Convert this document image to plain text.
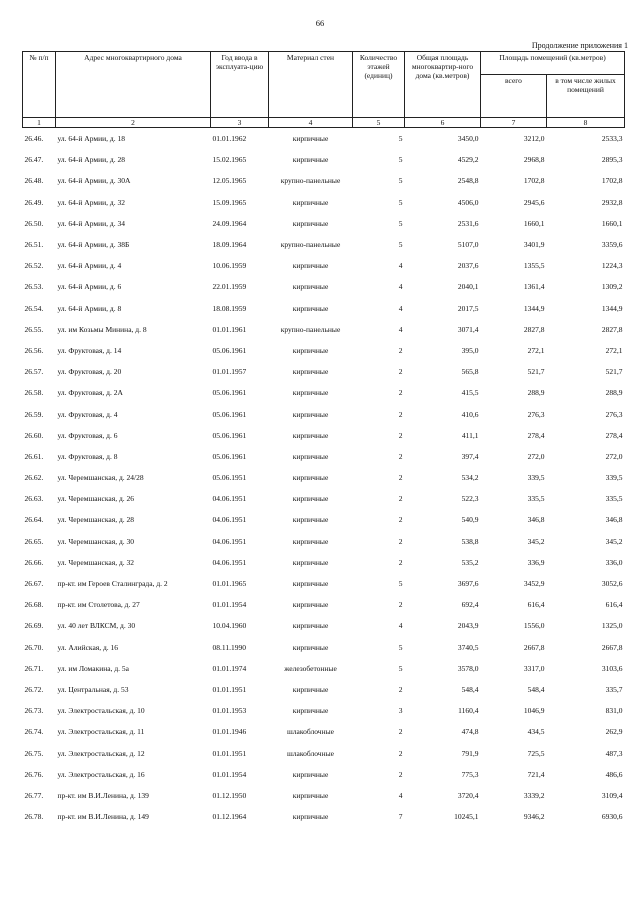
66
Продолжение приложения 1
№ п/п	Адрес многоквартирного дома	Год ввода в эксплуата-цию	Материал стен	Количество этажей (единиц)	Общая площадь многоквартир-ного дома (кв.метров)	Площадь помещений (кв.метров)	
						всего	в том числе жилых помещений
1	2	3	4	5	6	7	8
26.46.	ул. 64-й Армии, д. 18	01.01.1962	кирпичные	5	3450,0	3212,0	2533,3
26.47.	ул. 64-й Армии, д. 28	15.02.1965	кирпичные	5	4529,2	2968,8	2895,3
26.48.	ул. 64-й Армии, д. 30А	12.05.1965	крупно-панельные	5	2548,8	1702,8	1702,8
26.49.	ул. 64-й Армии, д. 32	15.09.1965	кирпичные	5	4506,0	2945,6	2932,8
26.50.	ул. 64-й Армии, д. 34	24.09.1964	кирпичные	5	2531,6	1660,1	1660,1
26.51.	ул. 64-й Армии, д. 38Б	18.09.1964	крупно-панельные	5	5107,0	3401,9	3359,6
26.52.	ул. 64-й Армии, д. 4	10.06.1959	кирпичные	4	2037,6	1355,5	1224,3
26.53.	ул. 64-й Армии, д. 6	22.01.1959	кирпичные	4	2040,1	1361,4	1309,2
26.54.	ул. 64-й Армии, д. 8	18.08.1959	кирпичные	4	2017,5	1344,9	1344,9
26.55.	ул. им Козьмы Минина, д. 8	01.01.1961	крупно-панельные	4	3071,4	2827,8	2827,8
26.56.	ул. Фруктовая, д. 14	05.06.1961	кирпичные	2	395,0	272,1	272,1
26.57.	ул. Фруктовая, д. 20	01.01.1957	кирпичные	2	565,8	521,7	521,7
26.58.	ул. Фруктовая, д. 2А	05.06.1961	кирпичные	2	415,5	288,9	288,9
26.59.	ул. Фруктовая, д. 4	05.06.1961	кирпичные	2	410,6	276,3	276,3
26.60.	ул. Фруктовая, д. 6	05.06.1961	кирпичные	2	411,1	278,4	278,4
26.61.	ул. Фруктовая, д. 8	05.06.1961	кирпичные	2	397,4	272,0	272,0
26.62.	ул. Черемшанская, д. 24/28	05.06.1951	кирпичные	2	534,2	339,5	339,5
26.63.	ул. Черемшанская, д. 26	04.06.1951	кирпичные	2	522,3	335,5	335,5
26.64.	ул. Черемшанская, д. 28	04.06.1951	кирпичные	2	540,9	346,8	346,8
26.65.	ул. Черемшанская, д. 30	04.06.1951	кирпичные	2	538,8	345,2	345,2
26.66.	ул. Черемшанская, д. 32	04.06.1951	кирпичные	2	535,2	336,9	336,0
26.67.	пр-кт. им Героев Сталинграда, д. 2	01.01.1965	кирпичные	5	3697,6	3452,9	3052,6
26.68.	пр-кт. им Столетова, д. 27	01.01.1954	кирпичные	2	692,4	616,4	616,4
26.69.	ул. 40 лет ВЛКСМ, д. 30	10.04.1960	кирпичные	4	2043,9	1556,0	1325,0
26.70.	ул. Алийская, д. 16	08.11.1990	кирпичные	5	3740,5	2667,8	2667,8
26.71.	ул. им Ломакина, д. 5а	01.01.1974	железобетонные	5	3578,0	3317,0	3103,6
26.72.	ул. Центральная, д. 53	01.01.1951	кирпичные	2	548,4	548,4	335,7
26.73.	ул. Электростальская, д. 10	01.01.1953	кирпичные	3	1160,4	1046,9	831,0
26.74.	ул. Электростальская, д. 11	01.01.1946	шлакоблочные	2	474,8	434,5	262,9
26.75.	ул. Электростальская, д. 12	01.01.1951	шлакоблочные	2	791,9	725,5	487,3
26.76.	ул. Электростальская, д. 16	01.01.1954	кирпичные	2	775,3	721,4	486,6
26.77.	пр-кт. им В.И.Ленина, д. 139	01.12.1950	кирпичные	4	3720,4	3339,2	3109,4
26.78.	пр-кт. им В.И.Ленина, д. 149	01.12.1964	кирпичные	7	10245,1	9346,2	6930,6
